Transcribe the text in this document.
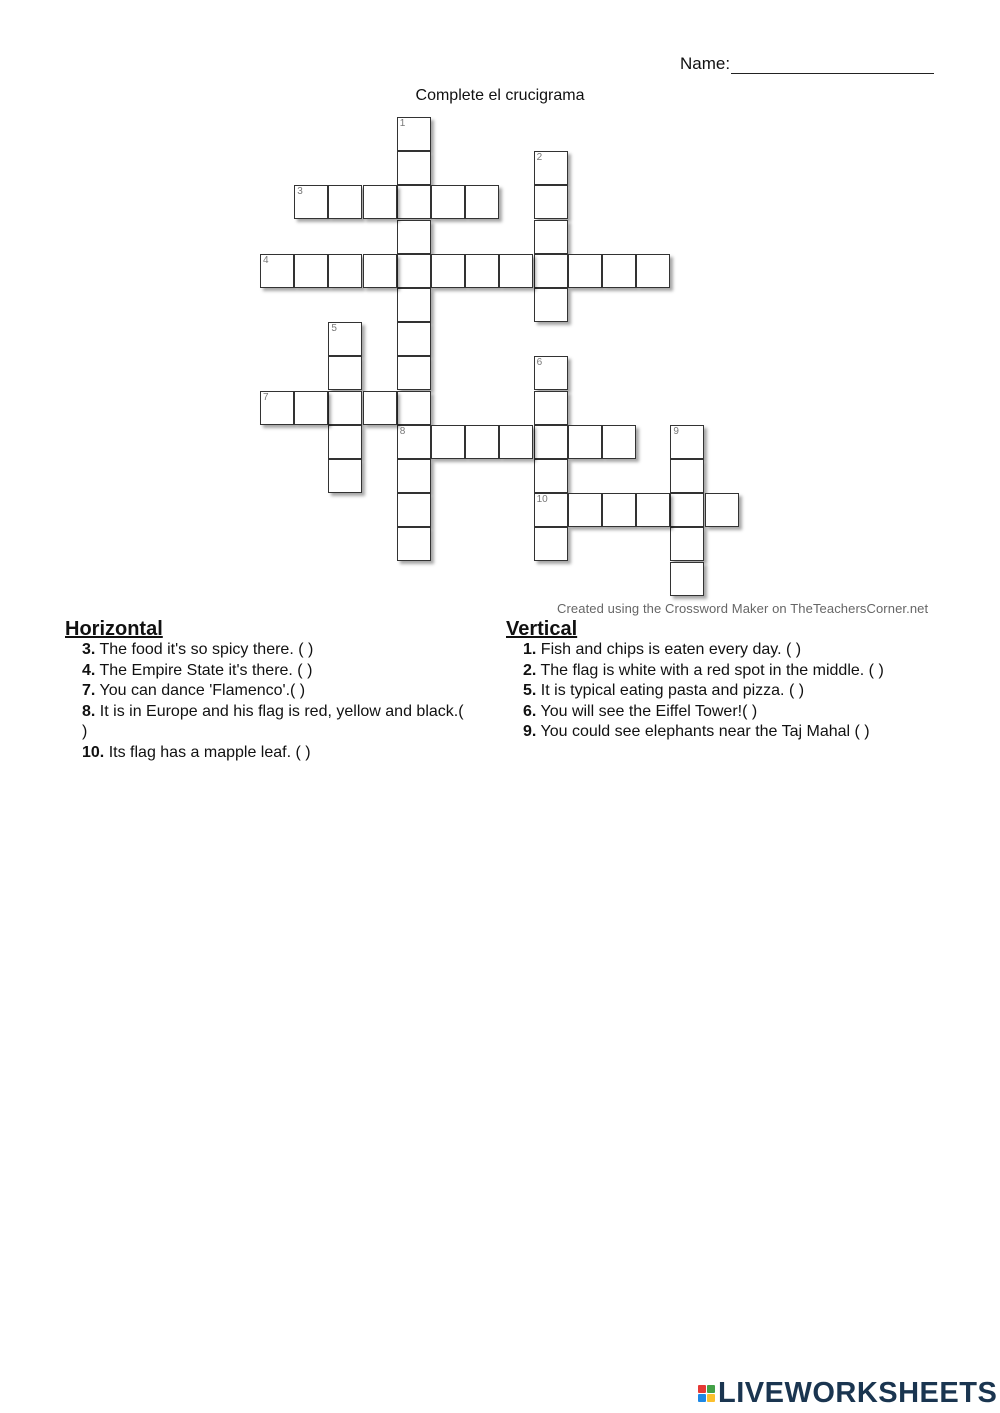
Name:
Complete el crucigrama
1
8
2
3
4
5
6
10
7
9
Created using the Crossword Maker on TheTeachersCorner.net
Horizontal
3. The food it's so spicy there. ( )
4. The Empire State it's there. ( )
7. You can dance 'Flamenco'.( )
8. It is in Europe and his flag is red, yellow and black.( )
10. Its flag has a mapple leaf. ( )
Vertical
1. Fish and chips is eaten every day. ( )
2. The flag is white with a red spot in the middle. ( )
5. It is typical eating pasta and pizza. ( )
6. You will see the Eiffel Tower!( )
9. You could see elephants near the Taj Mahal ( )
LIVEWORKSHEETS
